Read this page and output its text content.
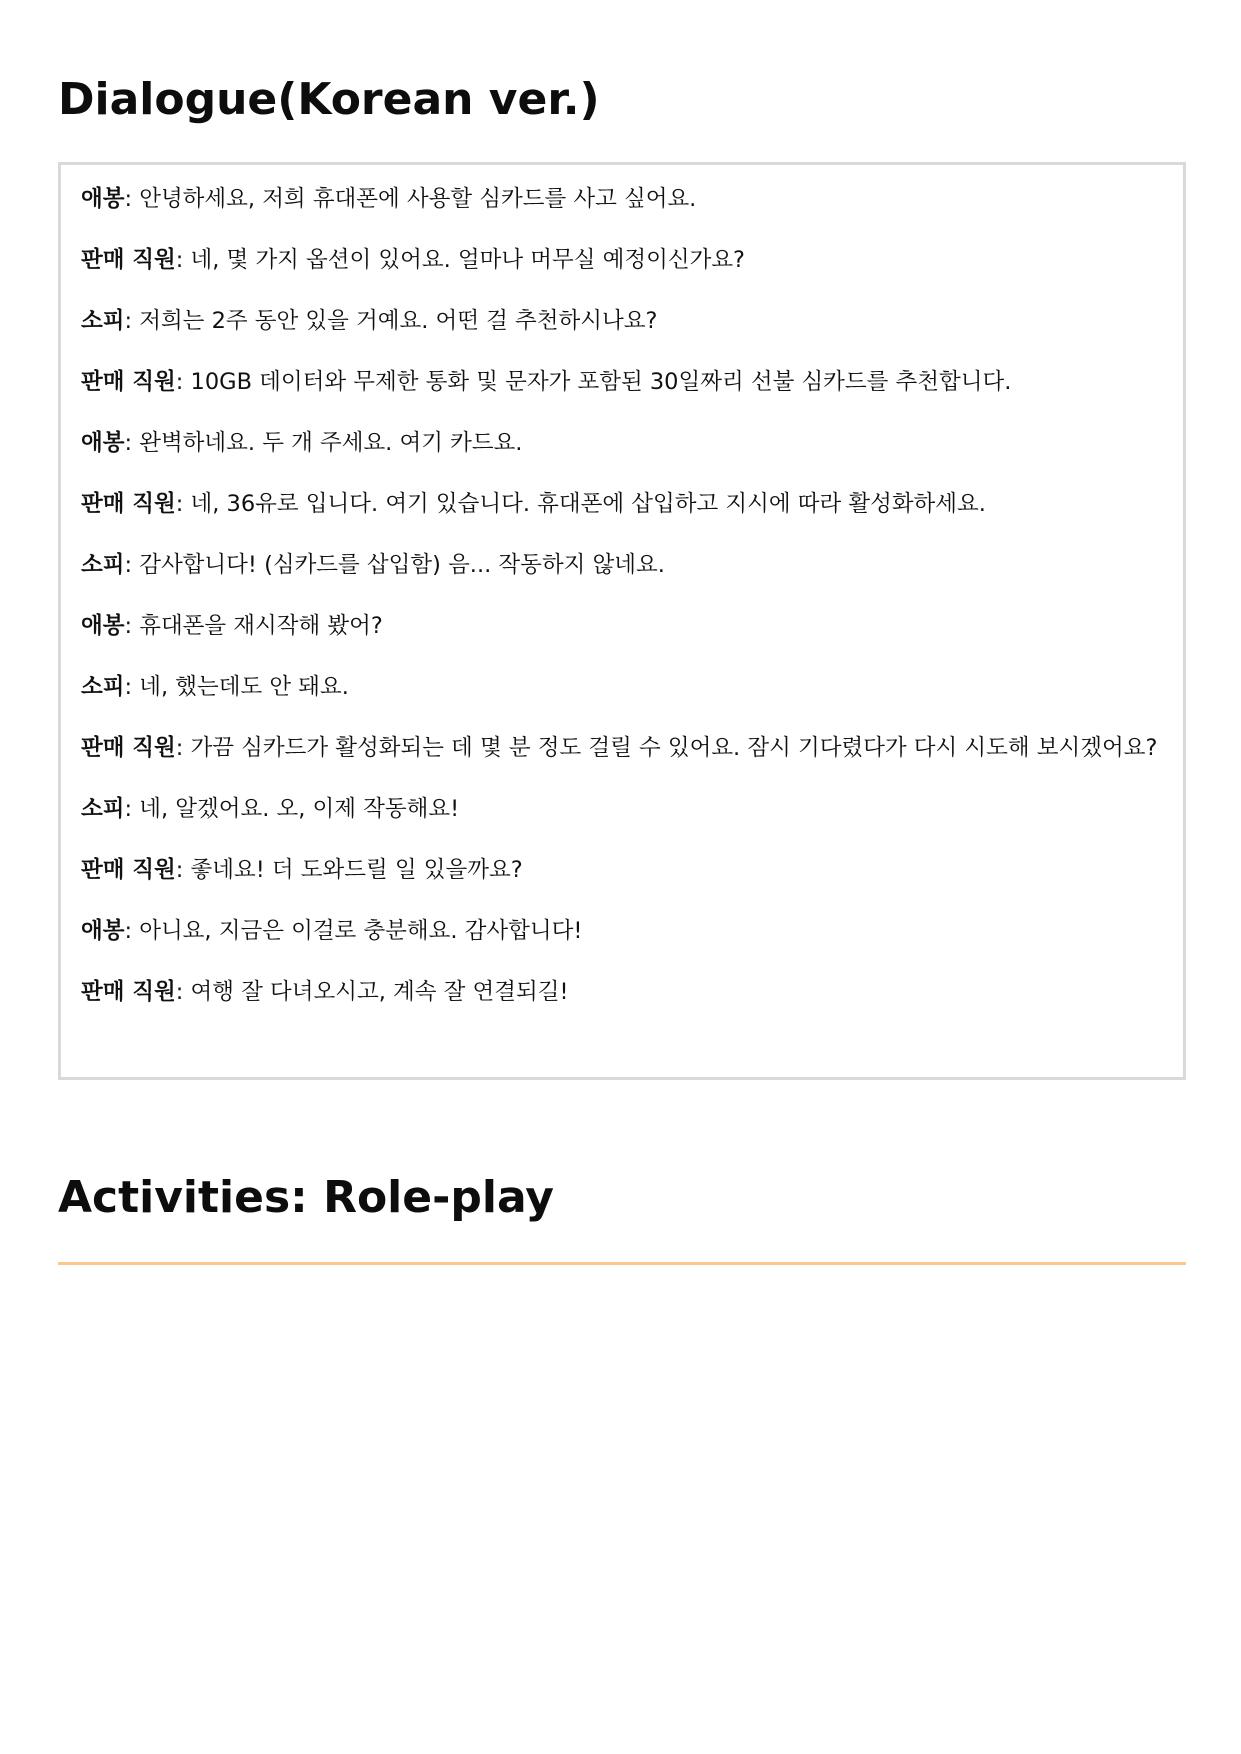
Dialogue(Korean ver.)

애봉: 안녕하세요, 저희 휴대폰에 사용할 심카드를 사고 싶어요.

판매 직원: 네, 몇 가지 옵션이 있어요. 얼마나 머무실 예정이신가요?

소피: 저희는 2주 동안 있을 거예요. 어떤 걸 추천하시나요?

판매 직원: 10GB 데이터와 무제한 통화 및 문자가 포함된 30일짜리 선불 심카드를 추천합니다.

애봉: 완벽하네요. 두 개 주세요. 여기 카드요.

판매 직원: 네, 36유로 입니다. 여기 있습니다. 휴대폰에 삽입하고 지시에 따라 활성화하세요.

소피: 감사합니다! (심카드를 삽입함) 음... 작동하지 않네요.

애봉: 휴대폰을 재시작해 봤어?

소피: 네, 했는데도 안 돼요.

판매 직원: 가끔 심카드가 활성화되는 데 몇 분 정도 걸릴 수 있어요. 잠시 기다렸다가 다시 시도해 보시겠어요?

소피: 네, 알겠어요. 오, 이제 작동해요!

판매 직원: 좋네요! 더 도와드릴 일 있을까요?

애봉: 아니요, 지금은 이걸로 충분해요. 감사합니다!

판매 직원: 여행 잘 다녀오시고, 계속 잘 연결되길!

Activities: Role-play
